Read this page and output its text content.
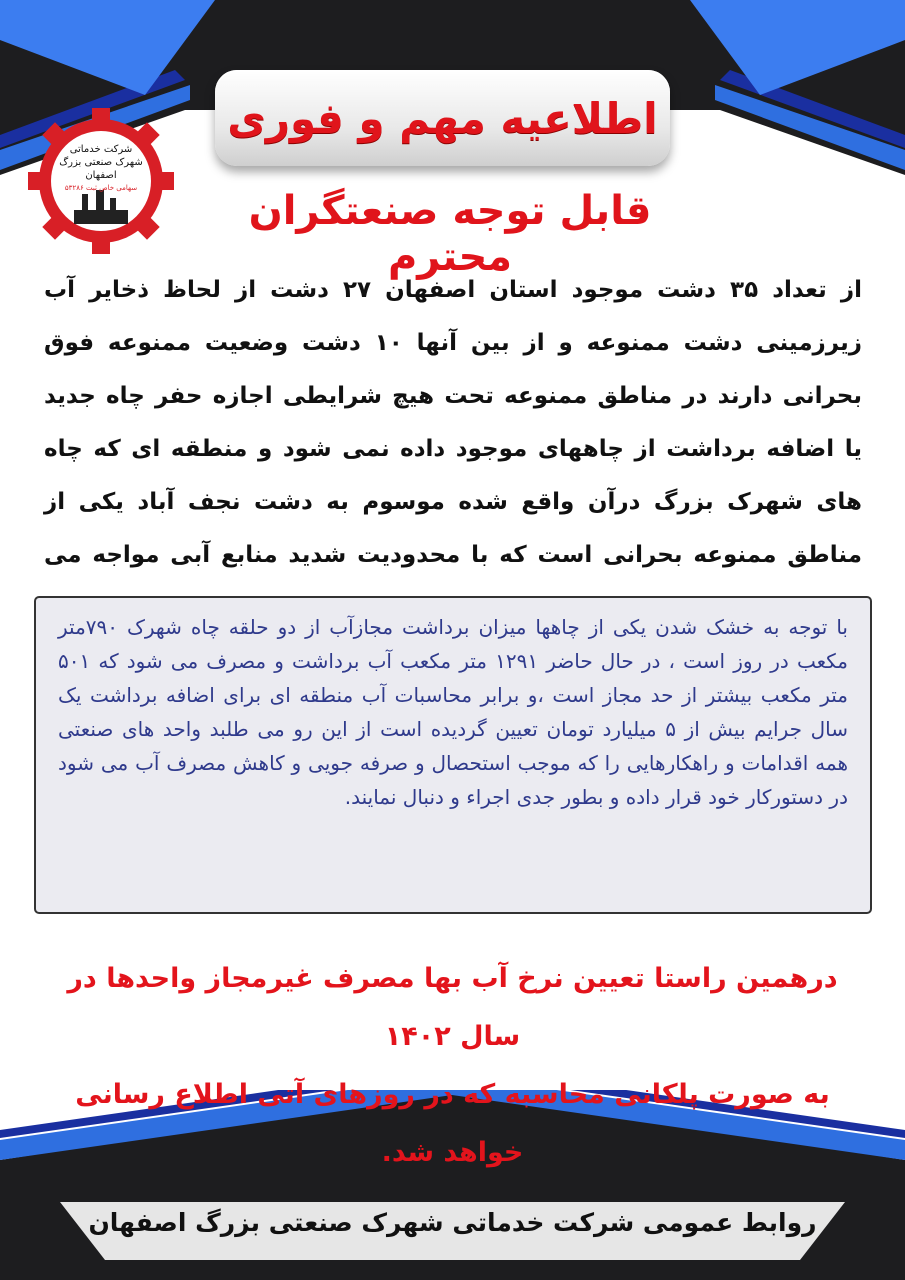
اطلاعیه مهم و فوری
شرکت خدماتی
شهرک صنعتی بزرگ
اصفهان
سهامی خاص ثبت ۵۳۲۸۶	قابل توجه صنعتگران محترم
از تعداد ۳۵ دشت موجود استان اصفهان ۲۷ دشت از لحاظ ذخایر آب زیرزمینی دشت ممنوعه و از بین آنها ۱۰ دشت وضعیت ممنوعه فوق بحرانی دارند در مناطق ممنوعه تحت هیچ شرایطی اجازه حفر چاه جدید یا اضافه برداشت از چاههای موجود داده نمی شود و منطقه ای که چاه های شهرک بزرگ درآن واقع شده موسوم به دشت نجف آباد یکی از مناطق ممنوعه بحرانی است که با محدودیت شدید منابع آبی مواجه می
با توجه به خشک شدن یکی از چاهها میزان برداشت مجازآب از دو حلقه چاه شهرک ۷۹۰متر مکعب در روز است ، در حال حاضر ۱۲۹۱ متر مکعب آب برداشت و مصرف می شود که ۵۰۱ متر مکعب بیشتر از حد مجاز است ،و برابر محاسبات آب منطقه ای برای اضافه برداشت یک سال جرایم بیش از ۵ میلیارد تومان تعیین گردیده است از این رو می طلبد واحد های صنعتی همه اقدامات و راهکارهایی را که موجب استحصال و صرفه جویی و کاهش مصرف آب می شود در دستورکار خود قرار داده و بطور جدی اجراء و دنبال نمایند.
درهمین راستا تعیین نرخ آب بها مصرف غیرمجاز واحدها در سال ۱۴۰۲
به صورت پلکانی محاسبه که در روزهای آتی اطلاع رسانی خواهد شد.
روابط عمومی شرکت خدماتی شهرک صنعتی بزرگ اصفهان
